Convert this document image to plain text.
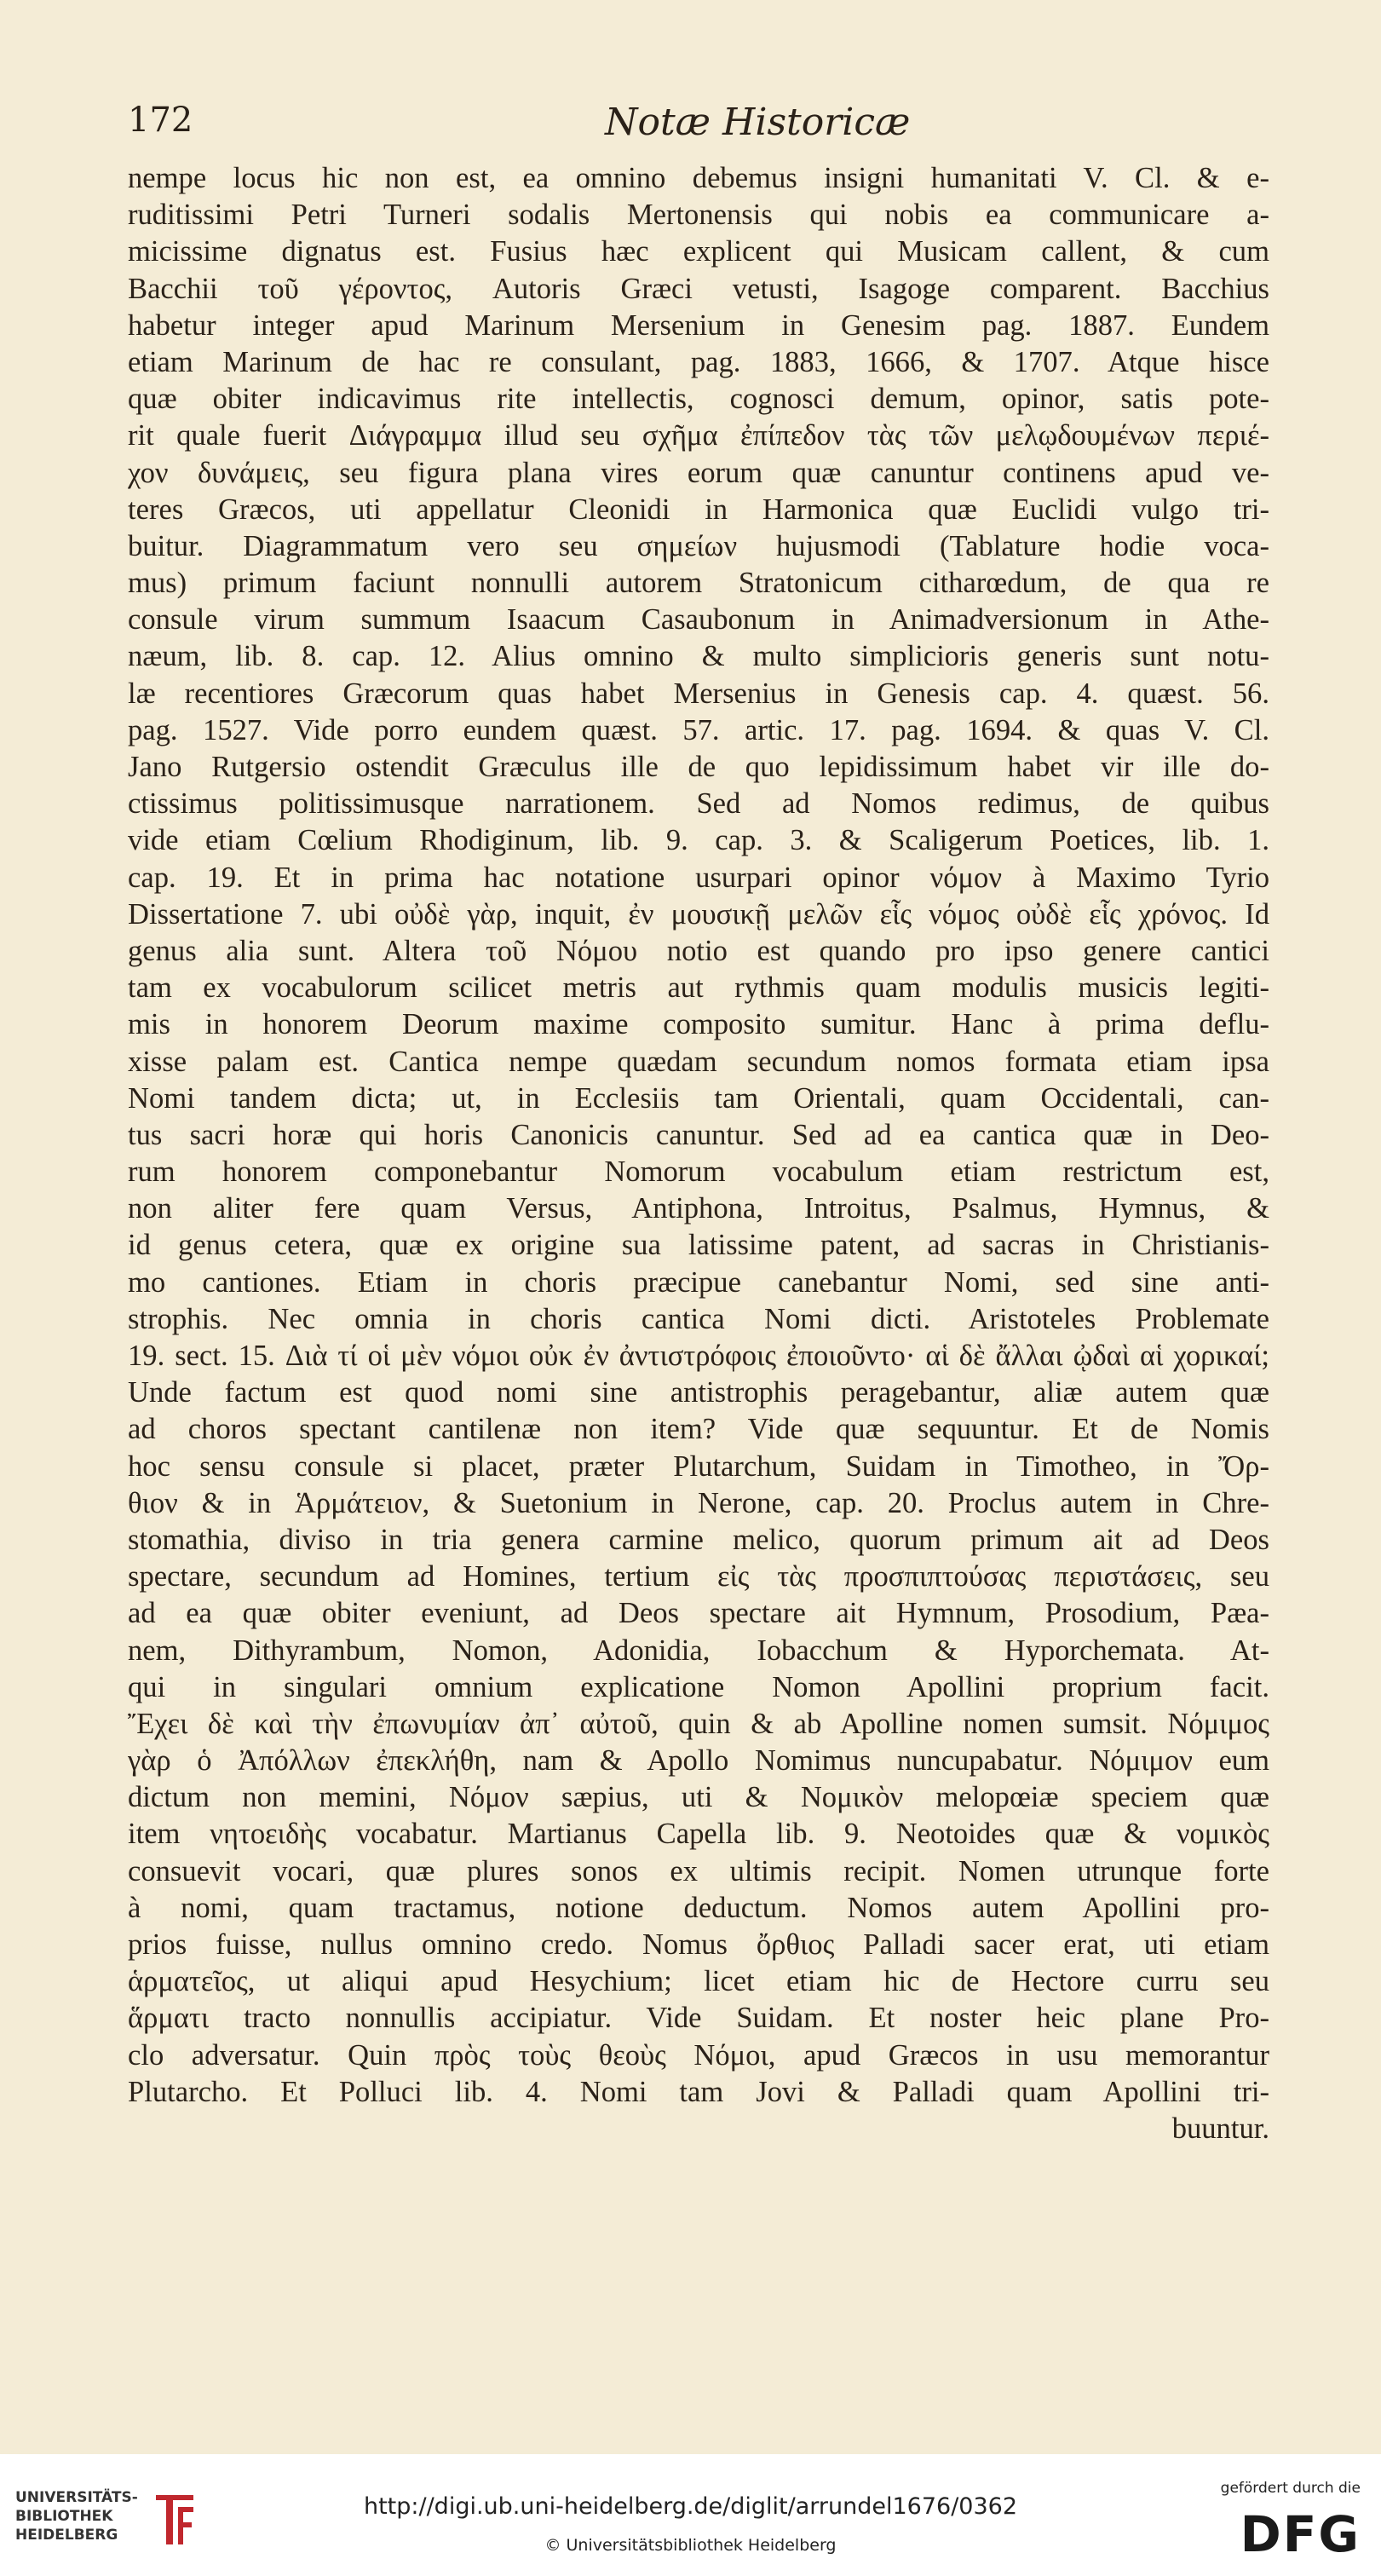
172	Notæ Historicæ
nempe locus hic non est, ea omnino debemus insigni humanitati V. Cl. & e-
ruditissimi Petri Turneri sodalis Mertonensis qui nobis ea communicare a-
micissime dignatus est. Fusius hæc explicent qui Musicam callent, & cum
Bacchii τοῦ γέροντος, Autoris Græci vetusti, Isagoge comparent. Bacchius
habetur integer apud Marinum Mersenium in Genesim pag. 1887. Eundem
etiam Marinum de hac re consulant, pag. 1883, 1666, & 1707. Atque hisce
quæ obiter indicavimus rite intellectis, cognosci demum, opinor, satis pote-
rit quale fuerit Διάγραμμα illud seu σχῆμα ἐπίπεδον τὰς τῶν μελῳδουμένων περιέ-
χον δυνάμεις, seu figura plana vires eorum quæ canuntur continens apud ve-
teres Græcos, uti appellatur Cleonidi in Harmonica quæ Euclidi vulgo tri-
buitur. Diagrammatum vero seu σημείων hujusmodi (Tablature hodie voca-
mus) primum faciunt nonnulli autorem Stratonicum citharœdum, de qua re
consule virum summum Isaacum Casaubonum in Animadversionum in Athe-
næum, lib. 8. cap. 12. Alius omnino & multo simplicioris generis sunt notu-
læ recentiores Græcorum quas habet Mersenius in Genesis cap. 4. quæst. 56.
pag. 1527. Vide porro eundem quæst. 57. artic. 17. pag. 1694. & quas V. Cl.
Jano Rutgersio ostendit Græculus ille de quo lepidissimum habet vir ille do-
ctissimus politissimusque narrationem. Sed ad Nomos redimus, de quibus
vide etiam Cœlium Rhodiginum, lib. 9. cap. 3. & Scaligerum Poetices, lib. 1.
cap. 19. Et in prima hac notatione usurpari opinor νόμον à Maximo Tyrio
Dissertatione 7. ubi οὐδὲ γὰρ, inquit, ἐν μουσικῇ μελῶν εἷς νόμος οὐδὲ εἷς χρόνος. Id
genus alia sunt. Altera τοῦ Νόμου notio est quando pro ipso genere cantici
tam ex vocabulorum scilicet metris aut rythmis quam modulis musicis legiti-
mis in honorem Deorum maxime composito sumitur. Hanc à prima deflu-
xisse palam est. Cantica nempe quædam secundum nomos formata etiam ipsa
Nomi tandem dicta; ut, in Ecclesiis tam Orientali, quam Occidentali, can-
tus sacri horæ qui horis Canonicis canuntur. Sed ad ea cantica quæ in Deo-
rum honorem componebantur Nomorum vocabulum etiam restrictum est,
non aliter fere quam Versus, Antiphona, Introitus, Psalmus, Hymnus, &
id genus cetera, quæ ex origine sua latissime patent, ad sacras in Christianis-
mo cantiones. Etiam in choris præcipue canebantur Nomi, sed sine anti-
strophis. Nec omnia in choris cantica Nomi dicti. Aristoteles Problemate
19. sect. 15. Διὰ τί οἱ μὲν νόμοι οὐκ ἐν ἀντιστρόφοις ἐποιοῦντο· αἱ δὲ ἄλλαι ᾠδαὶ αἱ χορικαί;
Unde factum est quod nomi sine antistrophis peragebantur, aliæ autem quæ
ad choros spectant cantilenæ non item? Vide quæ sequuntur. Et de Nomis
hoc sensu consule si placet, præter Plutarchum, Suidam in Timotheo, in Ὄρ-
θιον & in Ἁρμάτειον, & Suetonium in Nerone, cap. 20. Proclus autem in Chre-
stomathia, diviso in tria genera carmine melico, quorum primum ait ad Deos
spectare, secundum ad Homines, tertium εἰς τὰς προσπιπτούσας περιστάσεις, seu
ad ea quæ obiter eveniunt, ad Deos spectare ait Hymnum, Prosodium, Pæa-
nem, Dithyrambum, Nomon, Adonidia, Iobacchum & Hyporchemata. At-
qui in singulari omnium explicatione Nomon Apollini proprium facit.
Ἔχει δὲ καὶ τὴν ἐπωνυμίαν ἀπ᾽ αὐτοῦ, quin & ab Apolline nomen sumsit. Νόμιμος
γὰρ ὁ Ἀπόλλων ἐπεκλήθη, nam & Apollo Nomimus nuncupabatur. Νόμιμον eum
dictum non memini, Νόμον sæpius, uti & Νομικὸν melopœiæ speciem quæ
item νητοειδὴς vocabatur. Martianus Capella lib. 9. Neotoides quæ & νομικὸς
consuevit vocari, quæ plures sonos ex ultimis recipit. Nomen utrunque forte
à nomi, quam tractamus, notione deductum. Nomos autem Apollini pro-
prios fuisse, nullus omnino credo. Nomus ὄρθιος Palladi sacer erat, uti etiam
ἁρματεῖος, ut aliqui apud Hesychium; licet etiam hic de Hectore curru seu
ἅρματι tracto nonnullis accipiatur. Vide Suidam. Et noster heic plane Pro-
clo adversatur. Quin πρὸς τοὺς θεοὺς Νόμοι, apud Græcos in usu memorantur
Plutarcho. Et Polluci lib. 4. Nomi tam Jovi & Palladi quam Apollini tri-
buuntur.
UNIVERSITÄTS-
BIBLIOTHEK
HEIDELBERG
http://digi.ub.uni-heidelberg.de/diglit/arrundel1676/0362
© Universitätsbibliothek Heidelberg
gefördert durch die
DFG
